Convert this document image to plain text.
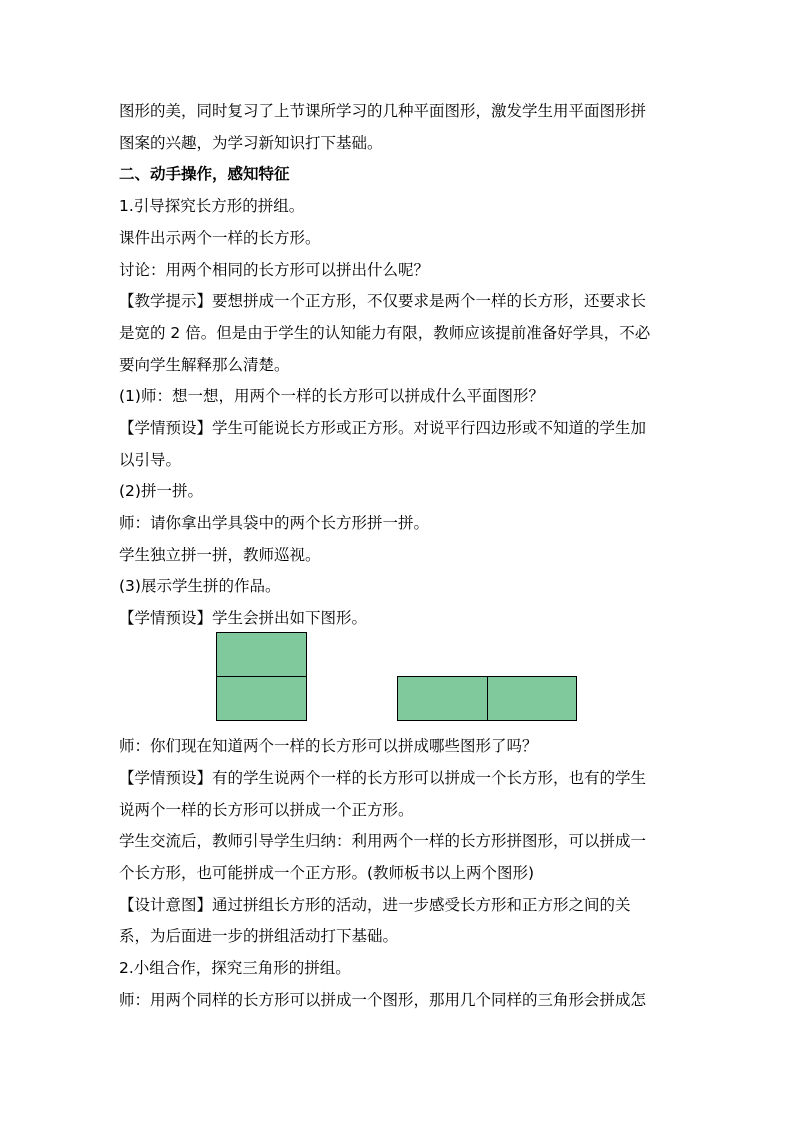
图形的美，同时复习了上节课所学习的几种平面图形，激发学生用平面图形拼
图案的兴趣，为学习新知识打下基础。
二、动手操作，感知特征
1.引导探究长方形的拼组。
课件出示两个一样的长方形。
讨论：用两个相同的长方形可以拼出什么呢？
【教学提示】要想拼成一个正方形，不仅要求是两个一样的长方形，还要求长
是宽的 2 倍。但是由于学生的认知能力有限，教师应该提前准备好学具，不必
要向学生解释那么清楚。
(1)师：想一想，用两个一样的长方形可以拼成什么平面图形？
【学情预设】学生可能说长方形或正方形。对说平行四边形或不知道的学生加
以引导。
(2)拼一拼。
师：请你拿出学具袋中的两个长方形拼一拼。
学生独立拼一拼，教师巡视。
(3)展示学生拼的作品。
【学情预设】学生会拼出如下图形。
师：你们现在知道两个一样的长方形可以拼成哪些图形了吗？
【学情预设】有的学生说两个一样的长方形可以拼成一个长方形，也有的学生
说两个一样的长方形可以拼成一个正方形。
学生交流后，教师引导学生归纳：利用两个一样的长方形拼图形，可以拼成一
个长方形，也可能拼成一个正方形。(教师板书以上两个图形)
【设计意图】通过拼组长方形的活动，进一步感受长方形和正方形之间的关
系，为后面进一步的拼组活动打下基础。
2.小组合作，探究三角形的拼组。
师：用两个同样的长方形可以拼成一个图形，那用几个同样的三角形会拼成怎
